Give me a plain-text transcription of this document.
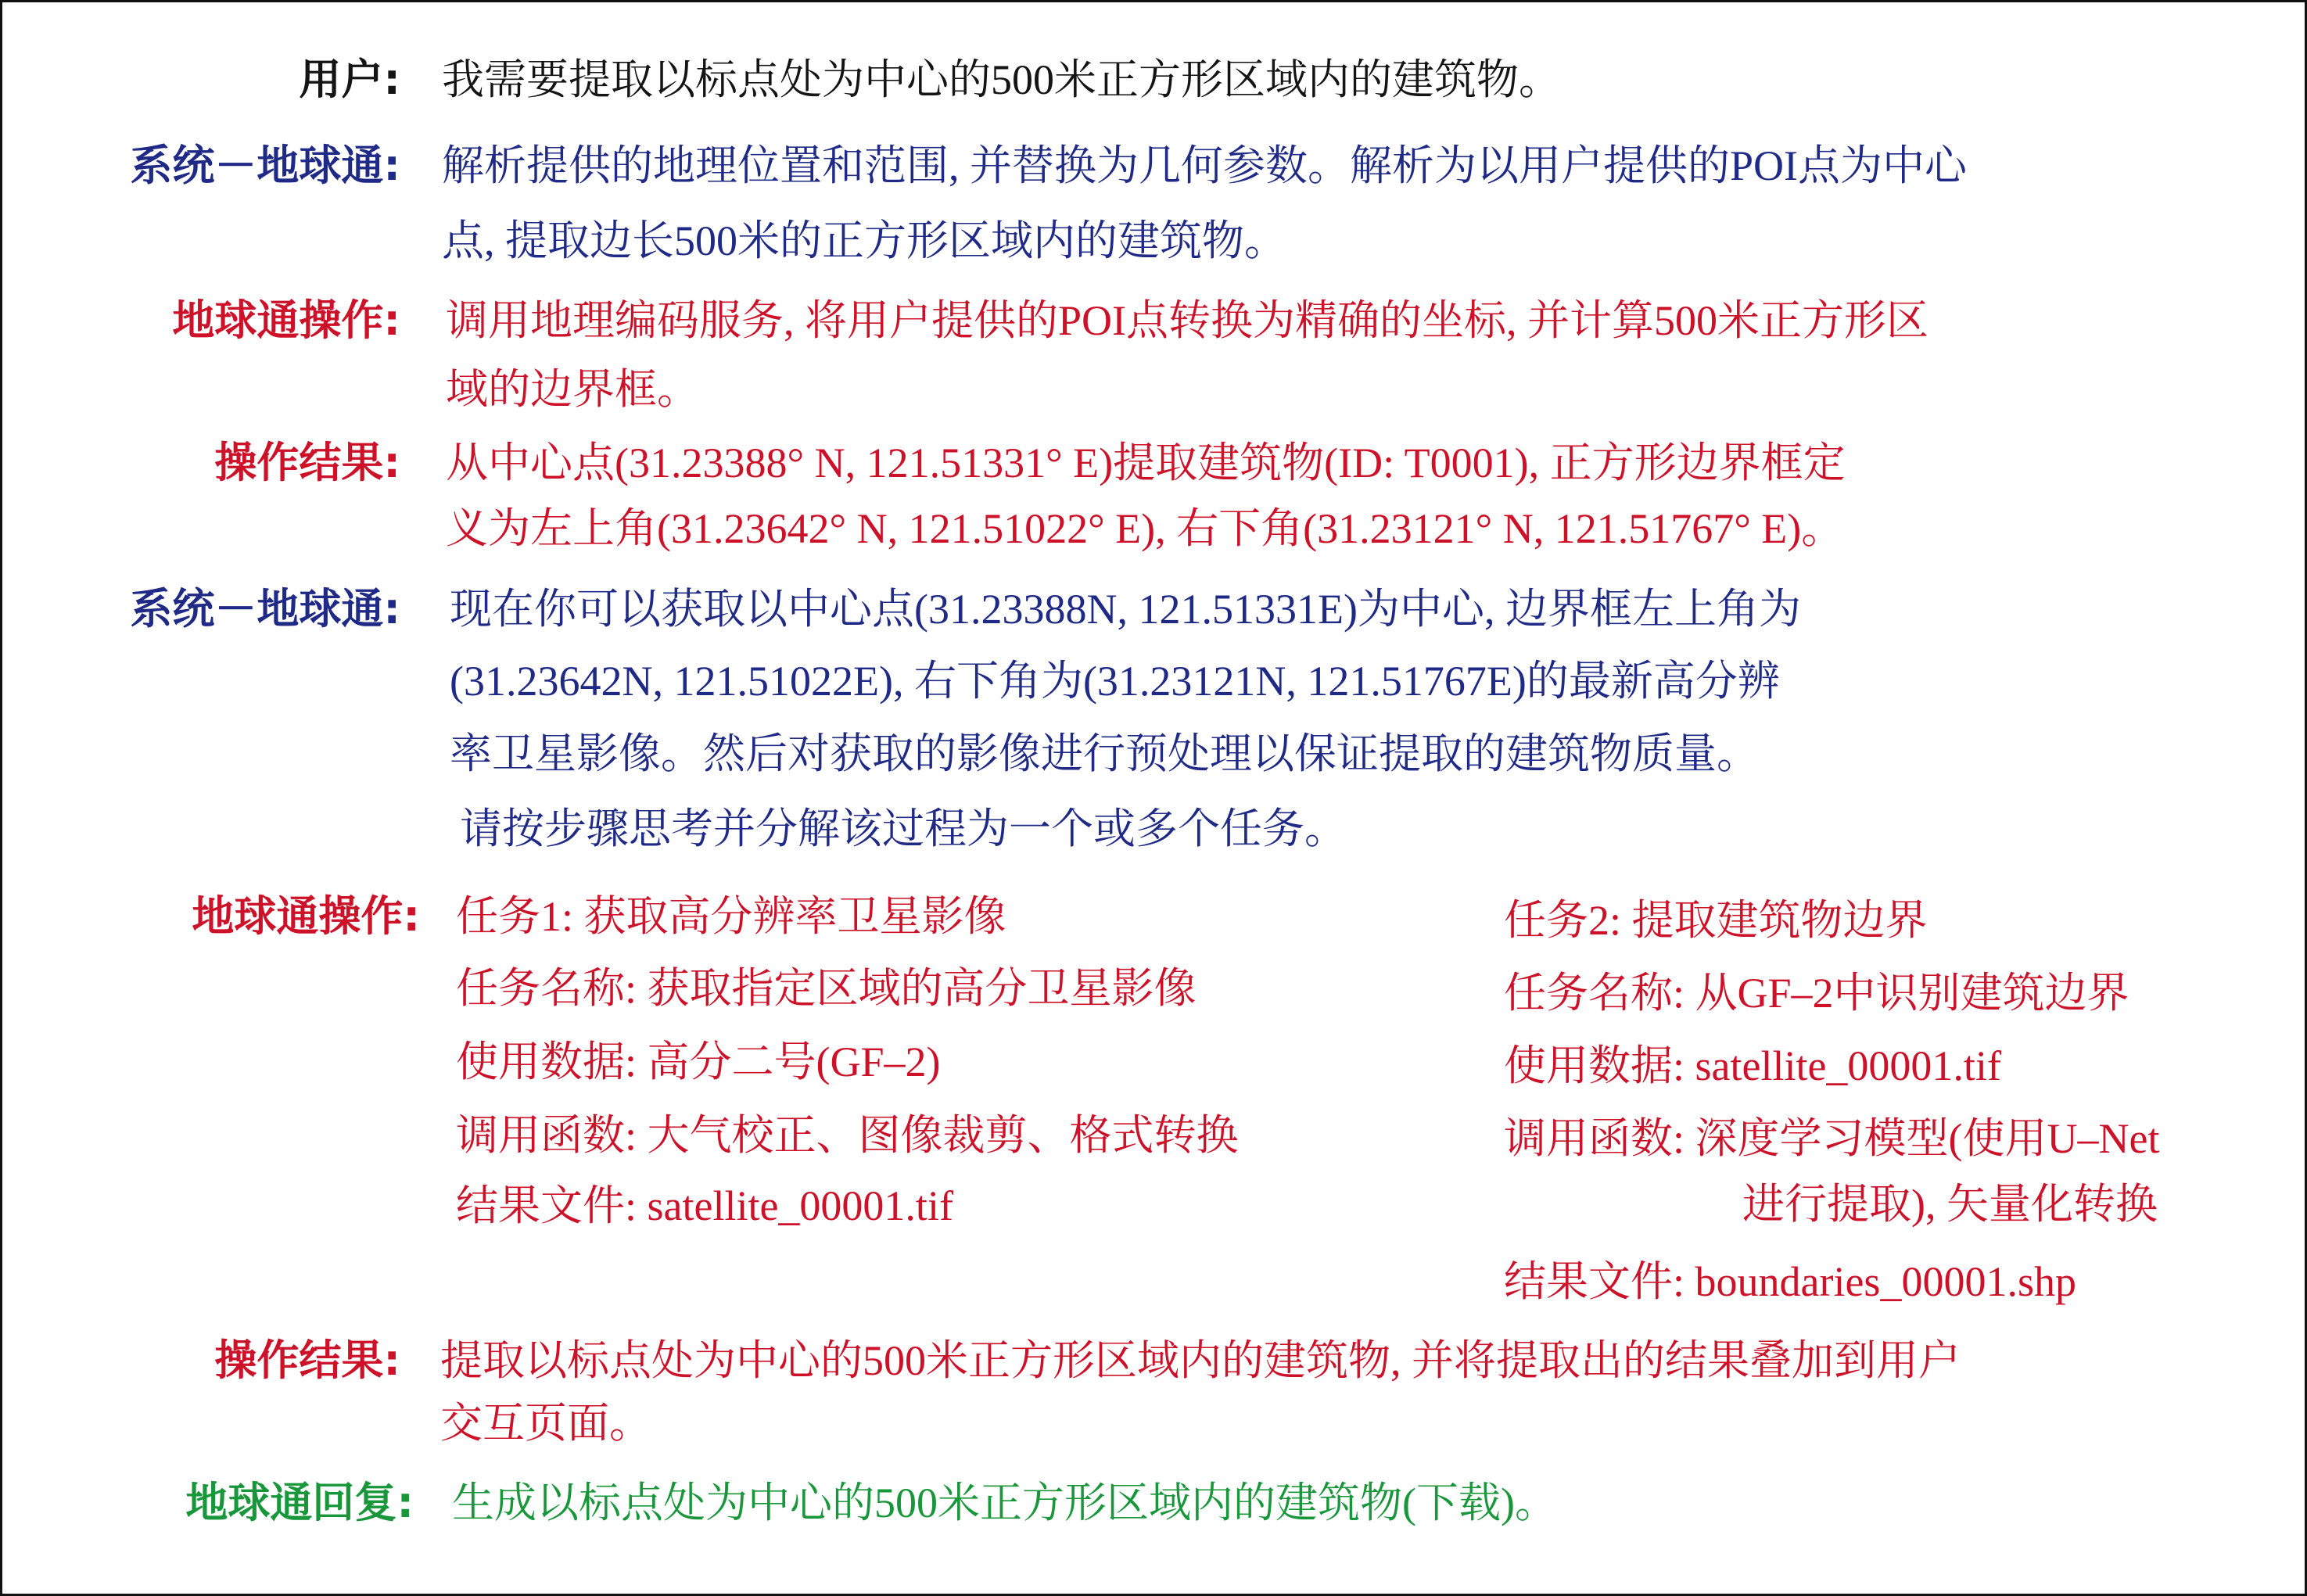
用户: 我需要提取以标点处为中心的500米正方形区域内的建筑物。
系统－地球通: 解析提供的地理位置和范围, 并替换为几何参数。解析为以用户提供的POI点为中心
点, 提取边长500米的正方形区域内的建筑物。
地球通操作: 调用地理编码服务, 将用户提供的POI点转换为精确的坐标, 并计算500米正方形区
域的边界框。
操作结果: 从中心点(31.23388° N, 121.51331° E)提取建筑物(ID: T0001), 正方形边界框定
义为左上角(31.23642° N, 121.51022° E), 右下角(31.23121° N, 121.51767° E)。
系统－地球通: 现在你可以获取以中心点(31.23388N, 121.51331E)为中心, 边界框左上角为
(31.23642N, 121.51022E), 右下角为(31.23121N, 121.51767E)的最新高分辨
率卫星影像。然后对获取的影像进行预处理以保证提取的建筑物质量。
请按步骤思考并分解该过程为一个或多个任务。
地球通操作: 任务1: 获取高分辨率卫星影像
任务名称: 获取指定区域的高分卫星影像
使用数据: 高分二号(GF–2)
调用函数: 大气校正、图像裁剪、格式转换
结果文件: satellite_00001.tif
任务2: 提取建筑物边界
任务名称: 从GF–2中识别建筑边界
使用数据: satellite_00001.tif
调用函数: 深度学习模型(使用U–Net
进行提取), 矢量化转换
结果文件: boundaries_00001.shp
操作结果: 提取以标点处为中心的500米正方形区域内的建筑物, 并将提取出的结果叠加到用户
交互页面。
地球通回复: 生成以标点处为中心的500米正方形区域内的建筑物(下载)。
